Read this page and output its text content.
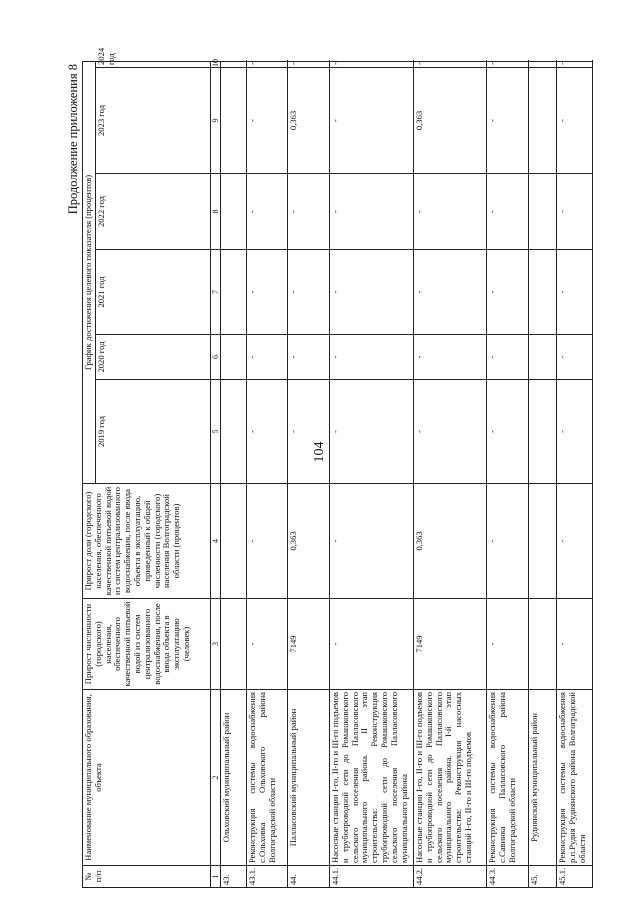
104
Продолжение приложения 8
№ п/п	Наименование муниципального образования, объекта	Прирост численности (городского) населения, обеспеченного качественной питьевой водой из систем централизованного водоснабжения, после ввода объекта в эксплуатацию (человек)	Прирост доли (городского) населения, обеспеченного качественной питьевой водой из систем централизованного водоснабжения, после ввода объекта в эксплуатацию, приведенный к общей численности (городского) населения Волгоградской области (процентов)	График достижения целевого показателя (процентов)					
				2019 год	2020 год	2021 год	2022 год	2023 год	2024 год
1	2	3	4	5	6	7	8	9	10
43.	Ольховский муниципальный район								
43.1.	Реконструкция системы водоснабжения с.Ольховка Ольховского района Волгоградской области	-	-	-	-	-	-	-	-
44.	Палласовский муниципальный район	7149	0,363	-	-	-	-	0,363	-
44.1.	Насосные станции I-го, II-го и III-го подъемов и трубопроводной сети до Ромашковского сельского поселения Палласовского муниципального района. II этап строительства: Реконструкция трубопроводной сети до Ромашковского сельского поселения Палласовского муниципального района	-	-	-	-	-	-	-	-
44.2.	Насосные станции I-го, II-го и III-го подъемов и трубопроводной сети до Ромашковского сельского поселения Палласовского муниципального района. I-й этап строительства: Реконструкция насосных станций I-го, II-го и III-го подъемов	7149	0,363	-	-	-	-	0,363	-
44.3.	Реконструкция системы водоснабжения с.Савинка Палласовского района Волгоградской области	-	-	-	-	-	-	-	-
45.	Руднянский муниципальный район								
45.1.	Реконструкция системы водоснабжения р.п.Рудня Руднянского района Волгоградской области	-	-	-	-	-	-	-	-
